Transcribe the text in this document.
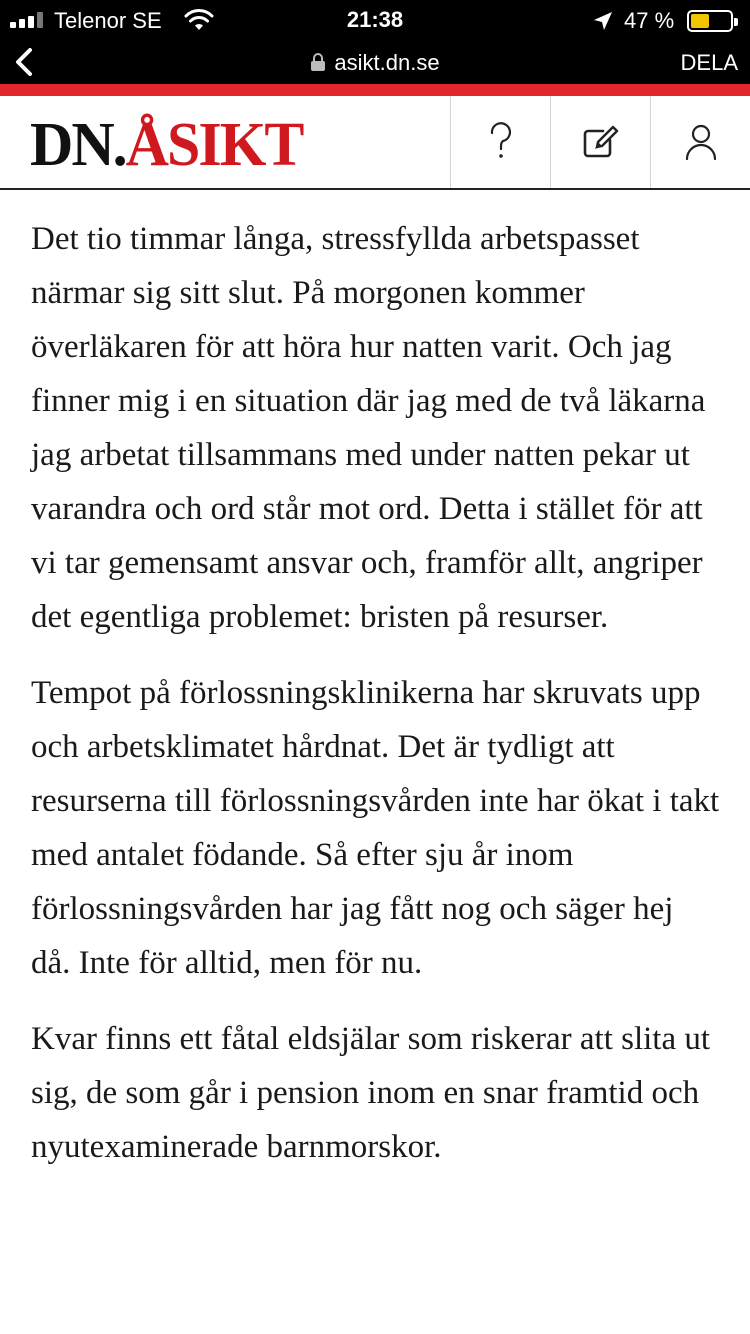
Telenor SE	21:38	47 %
asikt.dn.se	DELA
DN.ÅSIKT

Det tio timmar långa, stressfyllda arbetspasset närmar sig sitt slut. På morgonen kommer överläkaren för att höra hur natten varit. Och jag finner mig i en situation där jag med de två läkarna jag arbetat tillsammans med under natten pekar ut varandra och ord står mot ord. Detta i stället för att vi tar gemensamt ansvar och, framför allt, angriper det egentliga problemet: bristen på resurser.

Tempot på förlossningsklinikerna har skruvats upp och arbetsklimatet hårdnat. Det är tydligt att resurserna till förlossningsvården inte har ökat i takt med antalet födande. Så efter sju år inom förlossningsvården har jag fått nog och säger hej då. Inte för alltid, men för nu.

Kvar finns ett fåtal eldsjälar som riskerar att slita ut sig, de som går i pension inom en snar framtid och nyutexaminerade barnmorskor.
